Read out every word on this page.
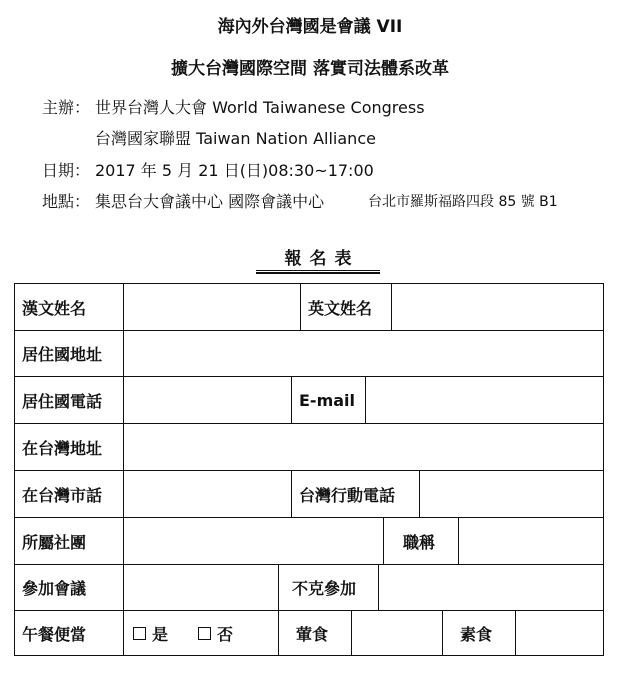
海內外台灣國是會議 VII
擴大台灣國際空間 落實司法體系改革
主辦： 世界台灣人大會 World Taiwanese Congress
台灣國家聯盟 Taiwan Nation Alliance
日期： 2017 年 5 月 21 日(日)08:30~17:00
地點： 集思台大會議中心 國際會議中心	台北市羅斯福路四段 85 號 B1
報名表
漢文姓名	英文姓名
居住國地址
居住國電話	E-mail
在台灣地址
在台灣市話	台灣行動電話
所屬社團	職稱
參加會議	不克參加
午餐便當	是	否	葷食	素食
